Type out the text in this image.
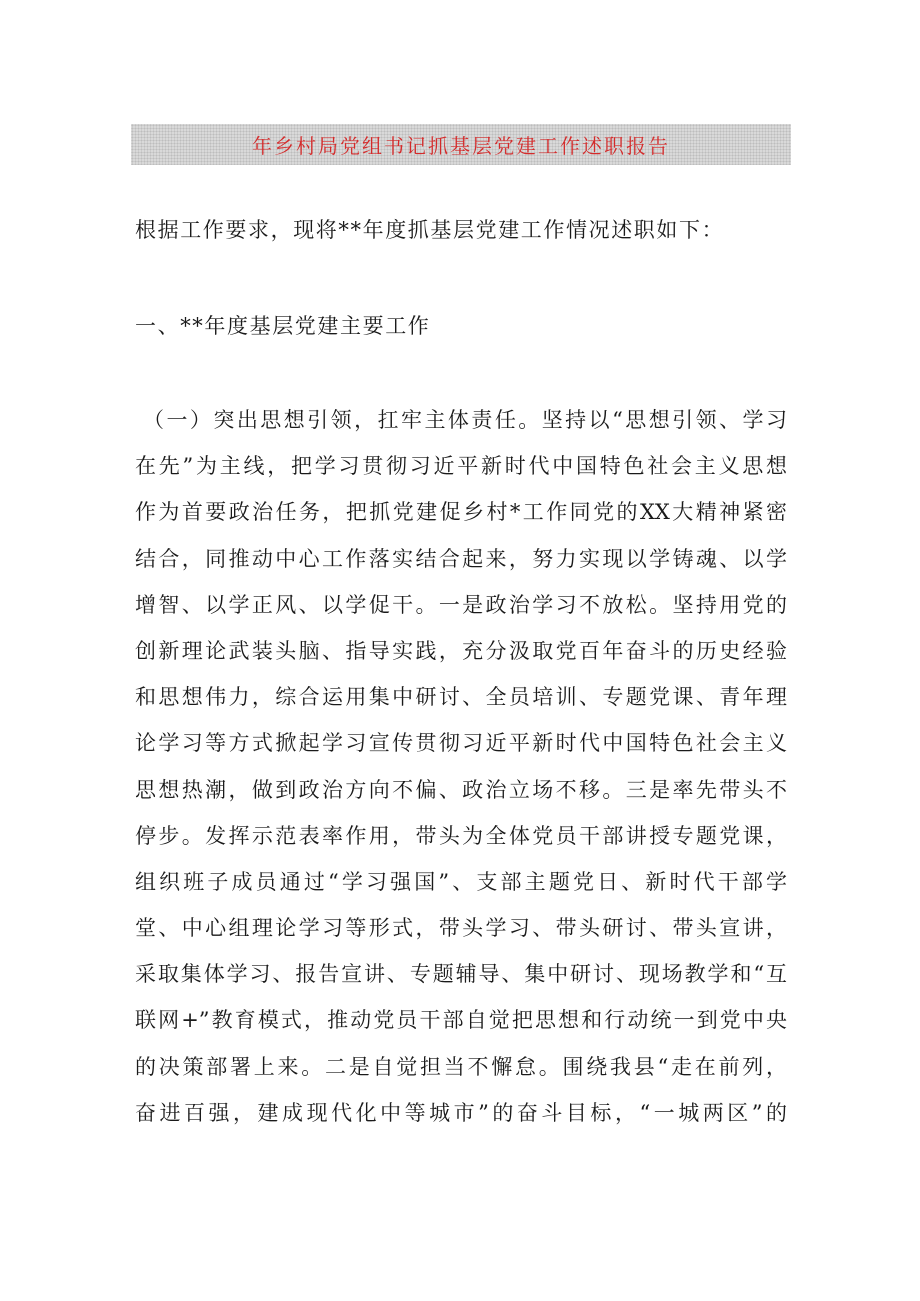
年乡村局党组书记抓基层党建工作述职报告
根据工作要求，现将**年度抓基层党建工作情况述职如下：
一、**年度基层党建主要工作
（一）突出思想引领，扛牢主体责任。坚持以“思想引领、学习
在先”为主线，把学习贯彻习近平新时代中国特色社会主义思想
作为首要政治任务，把抓党建促乡村*工作同党的XX大精神紧密
结合，同推动中心工作落实结合起来，努力实现以学铸魂、以学
增智、以学正风、以学促干。一是政治学习不放松。坚持用党的
创新理论武装头脑、指导实践，充分汲取党百年奋斗的历史经验
和思想伟力，综合运用集中研讨、全员培训、专题党课、青年理
论学习等方式掀起学习宣传贯彻习近平新时代中国特色社会主义
思想热潮，做到政治方向不偏、政治立场不移。三是率先带头不
停步。发挥示范表率作用，带头为全体党员干部讲授专题党课，
组织班子成员通过“学习强国”、支部主题党日、新时代干部学
堂、中心组理论学习等形式，带头学习、带头研讨、带头宣讲，
采取集体学习、报告宣讲、专题辅导、集中研讨、现场教学和“互
联网+”教育模式，推动党员干部自觉把思想和行动统一到党中央
的决策部署上来。二是自觉担当不懈怠。围绕我县“走在前列，
奋进百强，建成现代化中等城市”的奋斗目标，“一城两区”的
